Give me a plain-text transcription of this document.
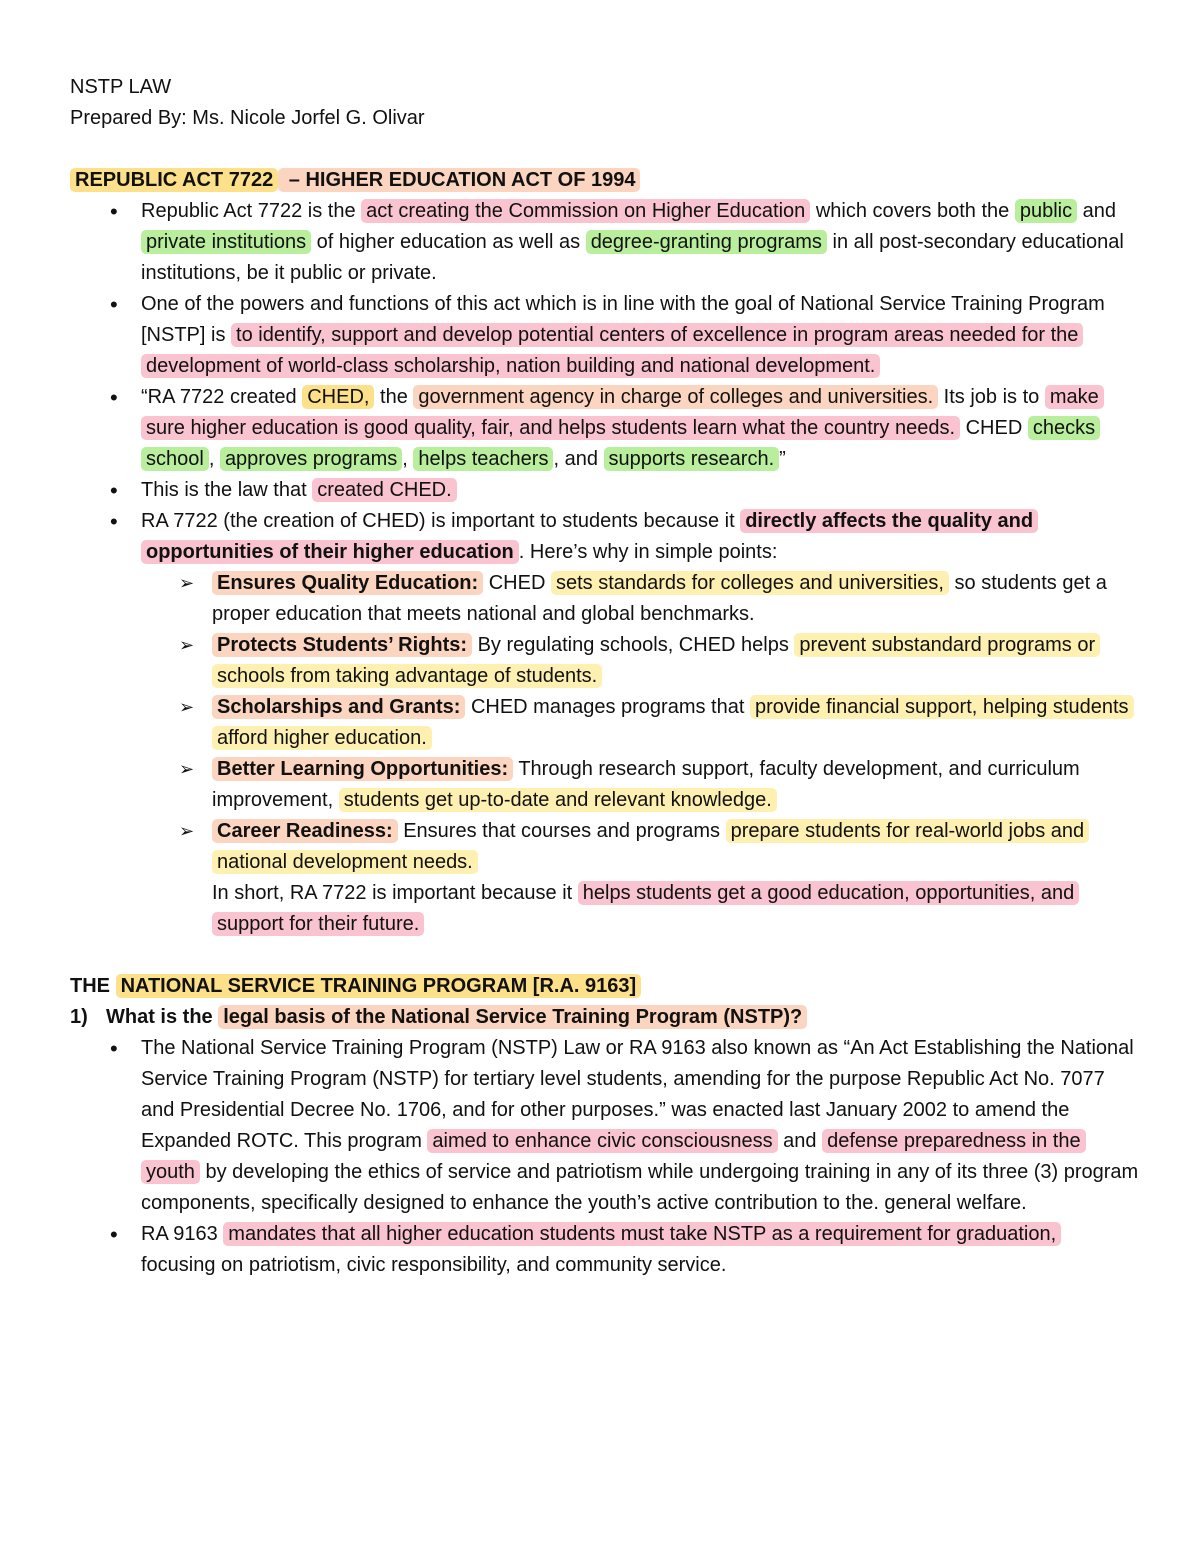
NSTP LAW

Prepared By: Ms. Nicole Jorfel G. Olivar

REPUBLIC ACT 7722 – HIGHER EDUCATION ACT OF 1994

• Republic Act 7722 is the act creating the Commission on Higher Education which covers both the public and private institutions of higher education as well as degree-granting programs in all post-secondary educational institutions, be it public or private.
• One of the powers and functions of this act which is in line with the goal of National Service Training Program [NSTP] is to identify, support and develop potential centers of excellence in program areas needed for the development of world-class scholarship, nation building and national development.
• “RA 7722 created CHED, the government agency in charge of colleges and universities. Its job is to make sure higher education is good quality, fair, and helps students learn what the country needs. CHED checks school , approves programs , helps teachers , and supports research. ”
• This is the law that created CHED.
• RA 7722 (the creation of CHED) is important to students because it directly affects the quality and opportunities of their higher education . Here’s why in simple points:
➢ Ensures Quality Education: CHED sets standards for colleges and universities, so students get a proper education that meets national and global benchmarks.
➢ Protects Students’ Rights: By regulating schools, CHED helps prevent substandard programs or schools from taking advantage of students.
➢ Scholarships and Grants: CHED manages programs that provide financial support, helping students afford higher education.
➢ Better Learning Opportunities: Through research support, faculty development, and curriculum improvement, students get up-to-date and relevant knowledge.
➢ Career Readiness: Ensures that courses and programs prepare students for real-world jobs and national development needs.
In short, RA 7722 is important because it helps students get a good education, opportunities, and support for their future.

THE NATIONAL SERVICE TRAINING PROGRAM [R.A. 9163]

1) What is the legal basis of the National Service Training Program (NSTP)?
• The National Service Training Program (NSTP) Law or RA 9163 also known as “An Act Establishing the National Service Training Program (NSTP) for tertiary level students, amending for the purpose Republic Act No. 7077 and Presidential Decree No. 1706, and for other purposes.” was enacted last January 2002 to amend the Expanded ROTC. This program aimed to enhance civic consciousness and defense preparedness in the youth by developing the ethics of service and patriotism while undergoing training in any of its three (3) program components, specifically designed to enhance the youth’s active contribution to the. general welfare.
• RA 9163 mandates that all higher education students must take NSTP as a requirement for graduation, focusing on patriotism, civic responsibility, and community service.
